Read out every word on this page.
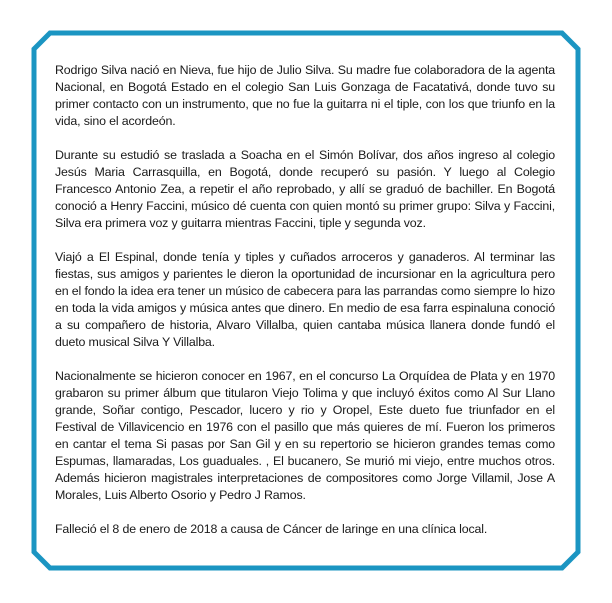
Rodrigo Silva nació en Nieva, fue hijo de Julio Silva. Su madre fue colaboradora de la agenta Nacional, en Bogotá Estado en el colegio San Luis Gonzaga de Facatativá, donde tuvo su primer contacto con un instrumento, que no fue la guitarra ni el tiple, con los que triunfo en la vida, sino el acordeón.

Durante su estudió se traslada a Soacha en el Simón Bolívar, dos años ingreso al colegio Jesús Maria Carrasquilla, en Bogotá, donde recuperó su pasión. Y luego al Colegio Francesco Antonio Zea, a repetir el año reprobado, y allí se graduó de bachiller. En Bogotá conoció a Henry Faccini, músico dé cuenta con quien montó su primer grupo: Silva y Faccini, Silva era primera voz y guitarra mientras Faccini, tiple y segunda voz.

Viajó a El Espinal, donde tenía y tiples y cuñados arroceros y ganaderos. Al terminar las fiestas, sus amigos y parientes le dieron la oportunidad de incursionar en la agricultura pero en el fondo la idea era tener un músico de cabecera para las parrandas como siempre lo hizo en toda la vida amigos y música antes que dinero. En medio de esa farra espinaluna conoció a su compañero de historia, Alvaro Villalba, quien cantaba música llanera donde fundó el dueto musical Silva Y Villalba.

Nacionalmente se hicieron conocer en 1967, en el concurso La Orquídea de Plata y en 1970 grabaron su primer álbum que titularon Viejo Tolima y que incluyó éxitos como Al Sur Llano grande, Soñar contigo, Pescador, lucero y rio y Oropel, Este dueto fue triunfador en el Festival de Villavicencio en 1976 con el pasillo que más quieres de mí. Fueron los primeros en cantar el tema Si pasas por San Gil y en su repertorio se hicieron grandes temas como Espumas, llamaradas, Los guaduales. , El bucanero, Se murió mi viejo, entre muchos otros. Además hicieron magistrales interpretaciones de compositores como Jorge Villamil, Jose A Morales, Luis Alberto Osorio y Pedro J Ramos.

Falleció el 8 de enero de 2018 a causa de Cáncer de laringe en una clínica local.
